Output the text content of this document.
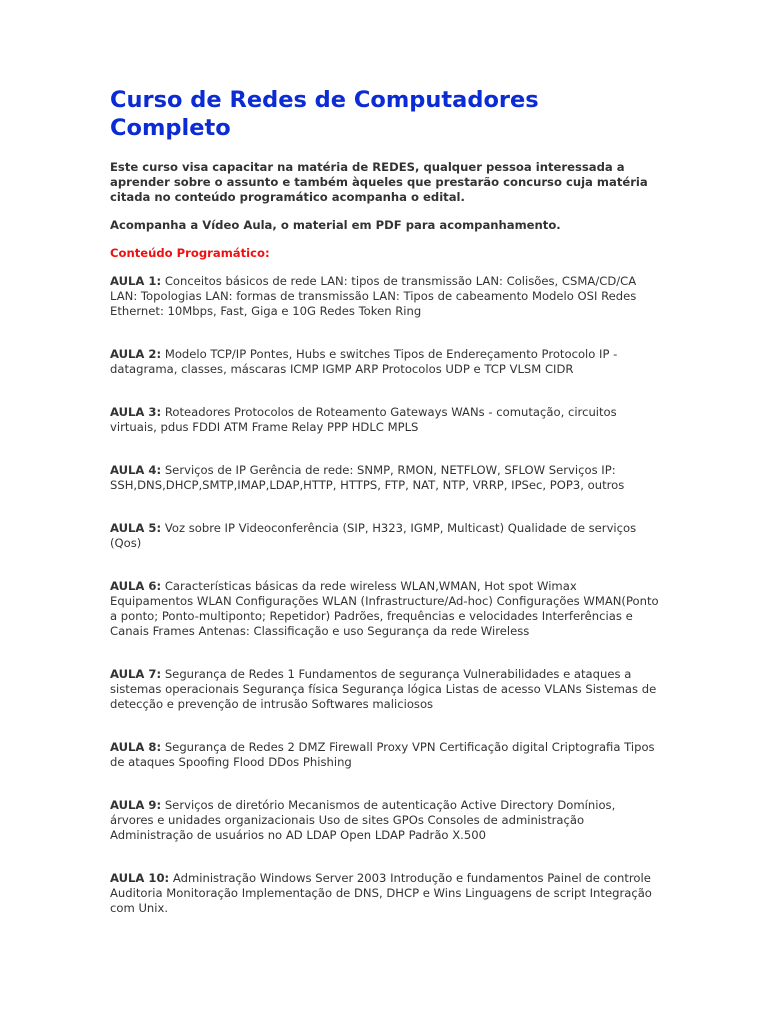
Curso de Redes de Computadores Completo

Este curso visa capacitar na matéria de REDES, qualquer pessoa interessada a aprender sobre o assunto e também àqueles que prestarão concurso cuja matéria citada no conteúdo programático acompanha o edital.

Acompanha a Vídeo Aula, o material em PDF para acompanhamento.

Conteúdo Programático:

AULA 1: Conceitos básicos de rede LAN: tipos de transmissão LAN: Colisões, CSMA/CD/CA LAN: Topologias LAN: formas de transmissão LAN: Tipos de cabeamento Modelo OSI Redes Ethernet: 10Mbps, Fast, Giga e 10G Redes Token Ring

AULA 2: Modelo TCP/IP Pontes, Hubs e switches Tipos de Endereçamento Protocolo IP - datagrama, classes, máscaras ICMP IGMP ARP Protocolos UDP e TCP VLSM CIDR

AULA 3: Roteadores Protocolos de Roteamento Gateways WANs - comutação, circuitos virtuais, pdus FDDI ATM Frame Relay PPP HDLC MPLS

AULA 4: Serviços de IP Gerência de rede: SNMP, RMON, NETFLOW, SFLOW Serviços IP: SSH,DNS,DHCP,SMTP,IMAP,LDAP,HTTP, HTTPS, FTP, NAT, NTP, VRRP, IPSec, POP3, outros

AULA 5: Voz sobre IP Videoconferência (SIP, H323, IGMP, Multicast) Qualidade de serviços (Qos)

AULA 6: Características básicas da rede wireless WLAN,WMAN, Hot spot Wimax Equipamentos WLAN Configurações WLAN (Infrastructure/Ad-hoc) Configurações WMAN(Ponto a ponto; Ponto-multiponto; Repetidor) Padrões, frequências e velocidades Interferências e Canais Frames Antenas: Classificação e uso Segurança da rede Wireless

AULA 7: Segurança de Redes 1 Fundamentos de segurança Vulnerabilidades e ataques a sistemas operacionais Segurança física Segurança lógica Listas de acesso VLANs Sistemas de detecção e prevenção de intrusão Softwares maliciosos

AULA 8: Segurança de Redes 2 DMZ Firewall Proxy VPN Certificação digital Criptografia Tipos de ataques Spoofing Flood DDos Phishing

AULA 9: Serviços de diretório Mecanismos de autenticação Active Directory Domínios, árvores e unidades organizacionais Uso de sites GPOs Consoles de administração Administração de usuários no AD LDAP Open LDAP Padrão X.500

AULA 10: Administração Windows Server 2003 Introdução e fundamentos Painel de controle Auditoria Monitoração Implementação de DNS, DHCP e Wins Linguagens de script Integração com Unix.
